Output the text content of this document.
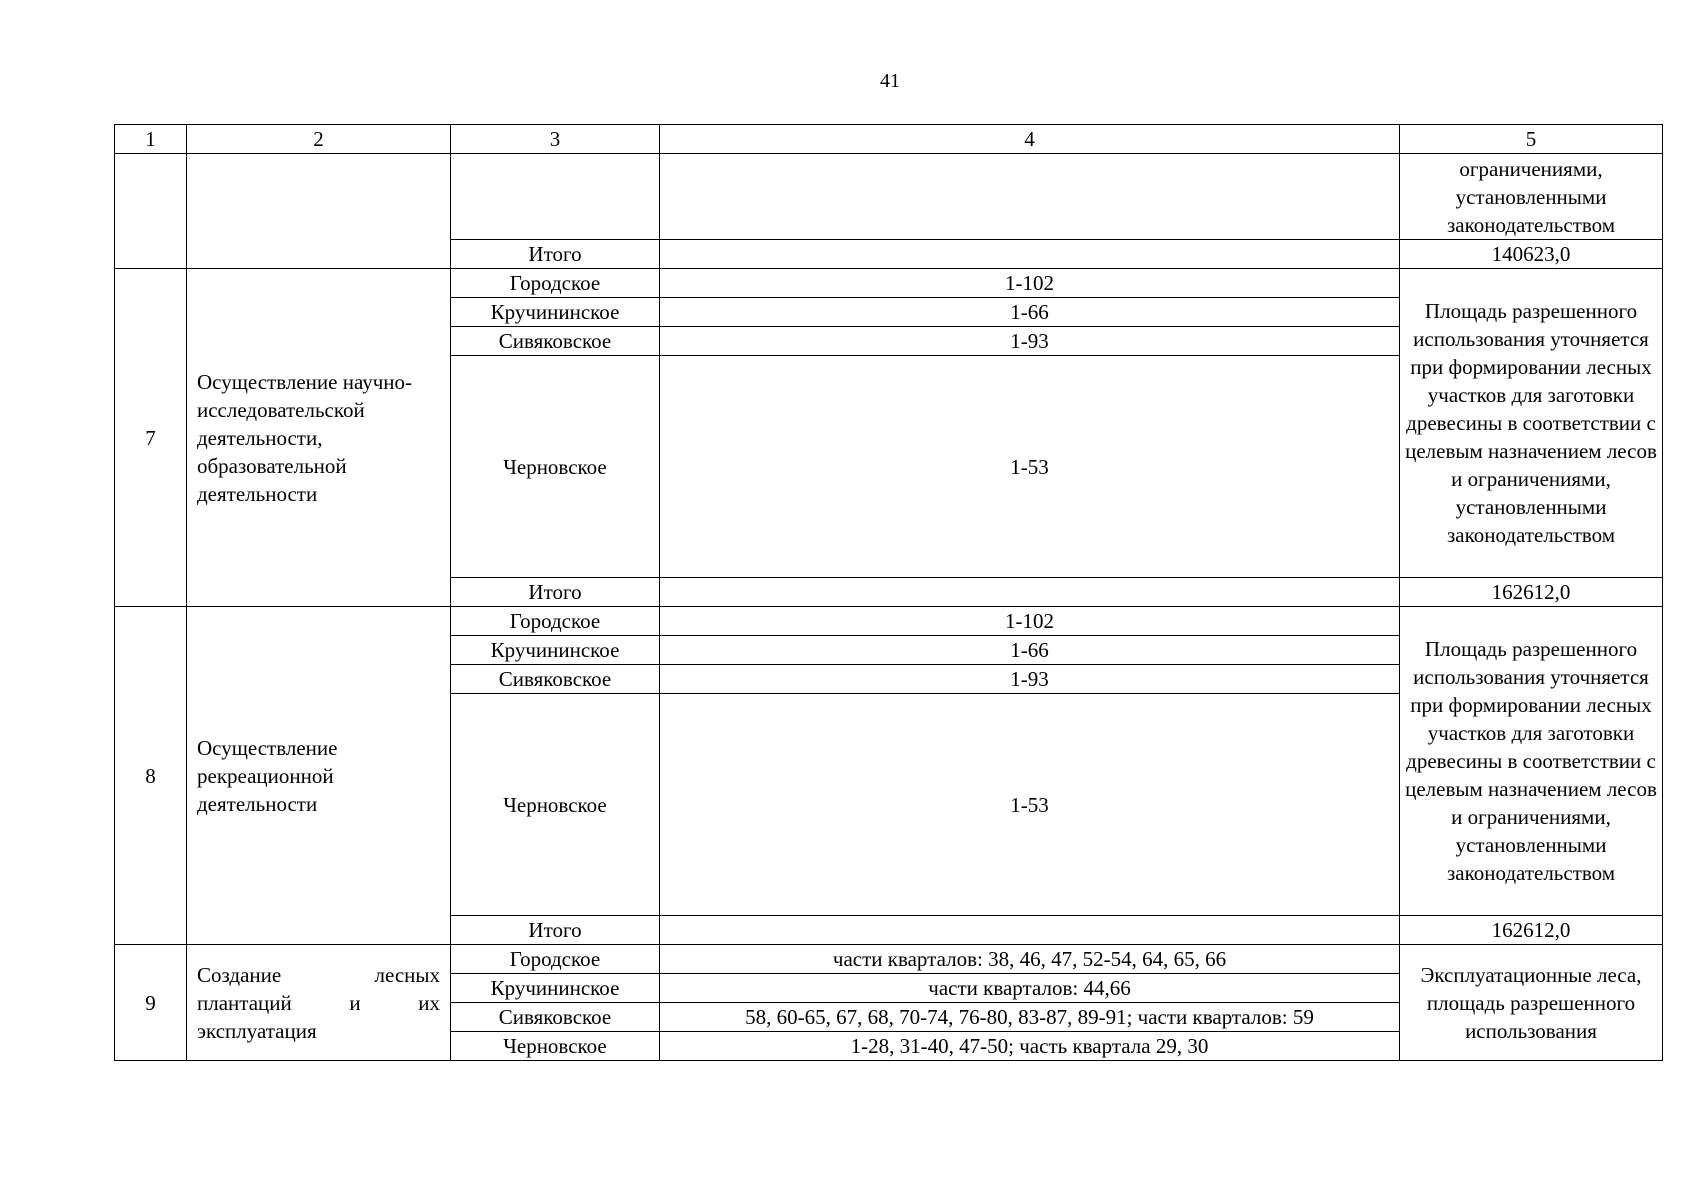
41
1	2	3	4	5
				ограничениями, установленными законодательством
		Итого		140623,0
7	Осуществление научно-исследовательской деятельности, образовательной деятельности	Городское	1-102	Площадь разрешенного использования уточняется при формировании лесных участков для заготовки древесины в соответствии с целевым назначением лесов и ограничениями, установленными законодательством
		Кручининское	1-66	
		Сивяковское	1-93	
		Черновское	1-53	
		Итого		162612,0
8	Осуществление рекреационной деятельности	Городское	1-102	Площадь разрешенного использования уточняется при формировании лесных участков для заготовки древесины в соответствии с целевым назначением лесов и ограничениями, установленными законодательством
		Кручининское	1-66	
		Сивяковское	1-93	
		Черновское	1-53	
		Итого		162612,0
9	Создание лесных плантаций и их эксплуатация	Городское	части кварталов: 38, 46, 47, 52-54, 64, 65, 66	Эксплуатационные леса, площадь разрешенного использования
		Кручининское	части кварталов: 44,66	
		Сивяковское	58, 60-65, 67, 68, 70-74, 76-80, 83-87, 89-91; части кварталов: 59	
		Черновское	1-28, 31-40, 47-50; часть квартала 29, 30	
